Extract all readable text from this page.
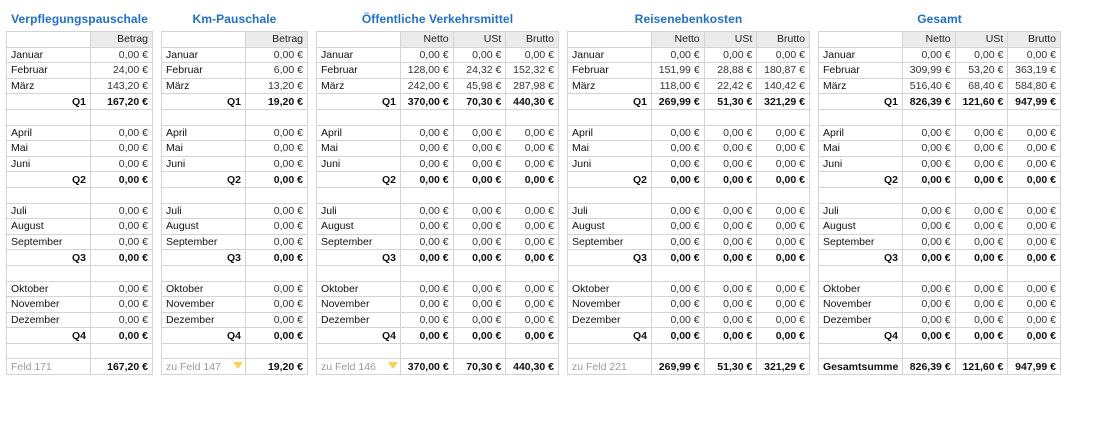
Verpflegungspauschale
	Betrag
Januar	0,00 €
Februar	24,00 €
März	143,20 €
Q1	167,20 €

April	0,00 €
Mai	0,00 €
Juni	0,00 €
Q2	0,00 €

Juli	0,00 €
August	0,00 €
September	0,00 €
Q3	0,00 €

Oktober	0,00 €
November	0,00 €
Dezember	0,00 €
Q4	0,00 €

Feld 171	167,20 €
Km-Pauschale
	Betrag
Januar	0,00 €
Februar	6,00 €
März	13,20 €
Q1	19,20 €

April	0,00 €
Mai	0,00 €
Juni	0,00 €
Q2	0,00 €

Juli	0,00 €
August	0,00 €
September	0,00 €
Q3	0,00 €

Oktober	0,00 €
November	0,00 €
Dezember	0,00 €
Q4	0,00 €

zu Feld 147	19,20 €
Öffentliche Verkehrsmittel
	Netto	USt	Brutto
Januar	0,00 €	0,00 €	0,00 €
Februar	128,00 €	24,32 €	152,32 €
März	242,00 €	45,98 €	287,98 €
Q1	370,00 €	70,30 €	440,30 €

April	0,00 €	0,00 €	0,00 €
Mai	0,00 €	0,00 €	0,00 €
Juni	0,00 €	0,00 €	0,00 €
Q2	0,00 €	0,00 €	0,00 €

Juli	0,00 €	0,00 €	0,00 €
August	0,00 €	0,00 €	0,00 €
September	0,00 €	0,00 €	0,00 €
Q3	0,00 €	0,00 €	0,00 €

Oktober	0,00 €	0,00 €	0,00 €
November	0,00 €	0,00 €	0,00 €
Dezember	0,00 €	0,00 €	0,00 €
Q4	0,00 €	0,00 €	0,00 €

zu Feld 146	370,00 €	70,30 €	440,30 €
Reisenebenkosten
	Netto	USt	Brutto
Januar	0,00 €	0,00 €	0,00 €
Februar	151,99 €	28,88 €	180,87 €
März	118,00 €	22,42 €	140,42 €
Q1	269,99 €	51,30 €	321,29 €

April	0,00 €	0,00 €	0,00 €
Mai	0,00 €	0,00 €	0,00 €
Juni	0,00 €	0,00 €	0,00 €
Q2	0,00 €	0,00 €	0,00 €

Juli	0,00 €	0,00 €	0,00 €
August	0,00 €	0,00 €	0,00 €
September	0,00 €	0,00 €	0,00 €
Q3	0,00 €	0,00 €	0,00 €

Oktober	0,00 €	0,00 €	0,00 €
November	0,00 €	0,00 €	0,00 €
Dezember	0,00 €	0,00 €	0,00 €
Q4	0,00 €	0,00 €	0,00 €

zu Feld 221	269,99 €	51,30 €	321,29 €
Gesamt
	Netto	USt	Brutto
Januar	0,00 €	0,00 €	0,00 €
Februar	309,99 €	53,20 €	363,19 €
März	516,40 €	68,40 €	584,80 €
Q1	826,39 €	121,60 €	947,99 €

April	0,00 €	0,00 €	0,00 €
Mai	0,00 €	0,00 €	0,00 €
Juni	0,00 €	0,00 €	0,00 €
Q2	0,00 €	0,00 €	0,00 €

Juli	0,00 €	0,00 €	0,00 €
August	0,00 €	0,00 €	0,00 €
September	0,00 €	0,00 €	0,00 €
Q3	0,00 €	0,00 €	0,00 €

Oktober	0,00 €	0,00 €	0,00 €
November	0,00 €	0,00 €	0,00 €
Dezember	0,00 €	0,00 €	0,00 €
Q4	0,00 €	0,00 €	0,00 €

Gesamtsumme	826,39 €	121,60 €	947,99 €
